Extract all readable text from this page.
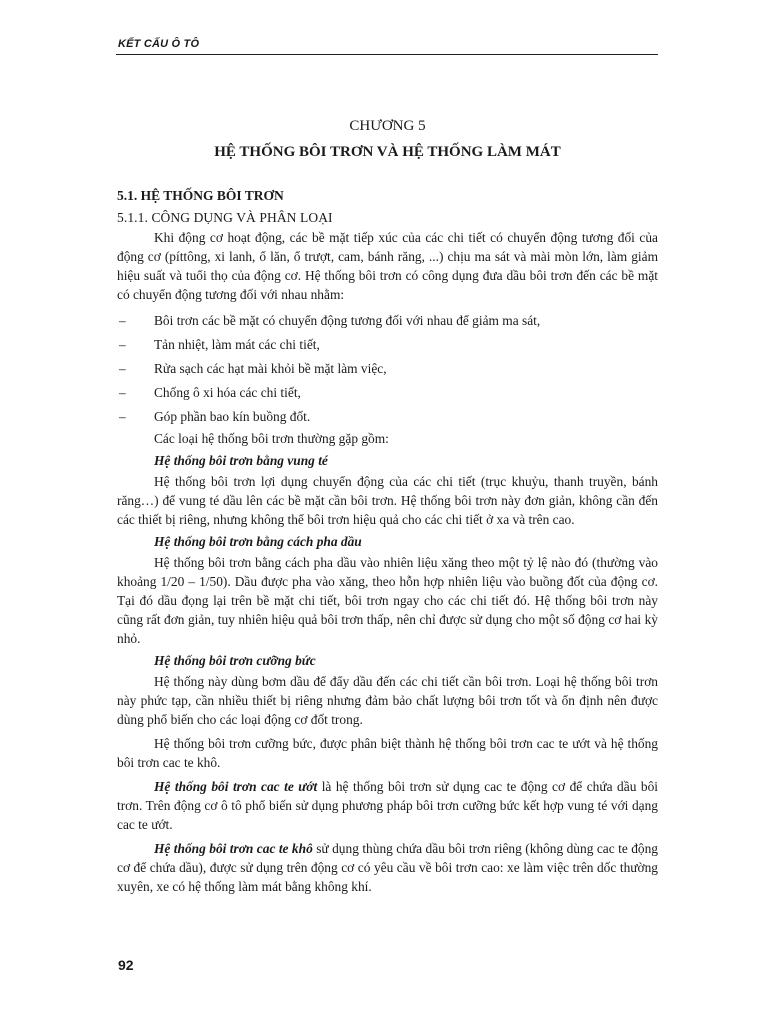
KẾT CẤU Ô TÔ

CHƯƠNG 5

HỆ THỐNG BÔI TRƠN VÀ HỆ THỐNG LÀM MÁT

5.1. HỆ THỐNG BÔI TRƠN

5.1.1. CÔNG DỤNG VÀ PHÂN LOẠI

Khi động cơ hoạt động, các bề mặt tiếp xúc của các chi tiết có chuyển động tương đối của động cơ (píttông, xi lanh, ổ lăn, ổ trượt, cam, bánh răng, ...) chịu ma sát và mài mòn lớn, làm giảm hiệu suất và tuổi thọ của động cơ. Hệ thống bôi trơn có công dụng đưa dầu bôi trơn đến các bề mặt có chuyển động tương đối với nhau nhằm:

– Bôi trơn các bề mặt có chuyển động tương đối với nhau để giảm ma sát,
– Tản nhiệt, làm mát các chi tiết,
– Rửa sạch các hạt mài khỏi bề mặt làm việc,
– Chống ô xi hóa các chi tiết,
– Góp phần bao kín buồng đốt.

Các loại hệ thống bôi trơn thường gặp gồm:

Hệ thống bôi trơn bằng vung té

Hệ thống bôi trơn lợi dụng chuyển động của các chi tiết (trục khuỷu, thanh truyền, bánh răng…) để vung té dầu lên các bề mặt cần bôi trơn. Hệ thống bôi trơn này đơn giản, không cần đến các thiết bị riêng, nhưng không thể bôi trơn hiệu quả cho các chi tiết ở xa và trên cao.

Hệ thống bôi trơn bằng cách pha dầu

Hệ thống bôi trơn bằng cách pha dầu vào nhiên liệu xăng theo một tỷ lệ nào đó (thường vào khoảng 1/20 – 1/50). Dầu được pha vào xăng, theo hỗn hợp nhiên liệu vào buồng đốt của động cơ. Tại đó dầu đọng lại trên bề mặt chi tiết, bôi trơn ngay cho các chi tiết đó. Hệ thống bôi trơn này cũng rất đơn giản, tuy nhiên hiệu quả bôi trơn thấp, nên chỉ được sử dụng cho một số động cơ hai kỳ nhỏ.

Hệ thống bôi trơn cưỡng bức

Hệ thống này dùng bơm dầu để đẩy dầu đến các chi tiết cần bôi trơn. Loại hệ thống bôi trơn này phức tạp, cần nhiều thiết bị riêng nhưng đảm bảo chất lượng bôi trơn tốt và ổn định nên được dùng phổ biến cho các loại động cơ đốt trong.

Hệ thống bôi trơn cưỡng bức, được phân biệt thành hệ thống bôi trơn cac te ướt và hệ thống bôi trơn cac te khô.

Hệ thống bôi trơn cac te ướt là hệ thống bôi trơn sử dụng cac te động cơ để chứa dầu bôi trơn. Trên động cơ ô tô phổ biến sử dụng phương pháp bôi trơn cưỡng bức kết hợp vung té với dạng cac te ướt.

Hệ thống bôi trơn cac te khô sử dụng thùng chứa dầu bôi trơn riêng (không dùng cac te động cơ để chứa dầu), được sử dụng trên động cơ có yêu cầu về bôi trơn cao: xe làm việc trên dốc thường xuyên, xe có hệ thống làm mát bằng không khí.

92
